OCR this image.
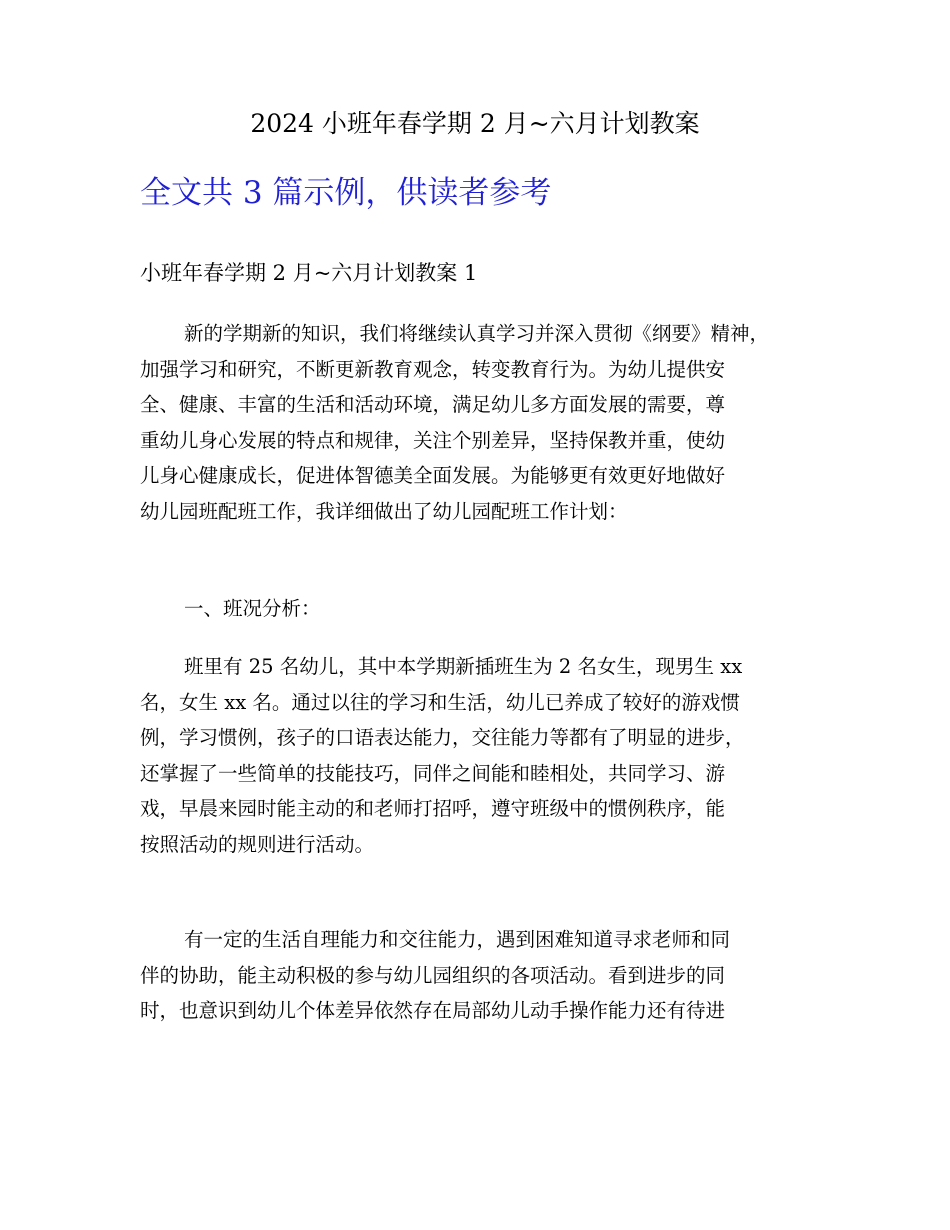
2024 小班年春学期 2 月~六月计划教案

全文共 3 篇示例，供读者参考

小班年春学期 2 月~六月计划教案 1
新的学期新的知识，我们将继续认真学习并深入贯彻《纲要》精神，
加强学习和研究，不断更新教育观念，转变教育行为。为幼儿提供安
全、健康、丰富的生活和活动环境，满足幼儿多方面发展的需要，尊
重幼儿身心发展的特点和规律，关注个别差异，坚持保教并重，使幼
儿身心健康成长，促进体智德美全面发展。为能够更有效更好地做好
幼儿园班配班工作，我详细做出了幼儿园配班工作计划：
一、班况分析：
班里有 25 名幼儿，其中本学期新插班生为 2 名女生，现男生 xx
名，女生 xx 名。通过以往的学习和生活，幼儿已养成了较好的游戏惯
例，学习惯例，孩子的口语表达能力，交往能力等都有了明显的进步，
还掌握了一些简单的技能技巧，同伴之间能和睦相处，共同学习、游
戏，早晨来园时能主动的和老师打招呼，遵守班级中的惯例秩序，能
按照活动的规则进行活动。
有一定的生活自理能力和交往能力，遇到困难知道寻求老师和同
伴的协助，能主动积极的参与幼儿园组织的各项活动。看到进步的同
时，也意识到幼儿个体差异依然存在局部幼儿动手操作能力还有待进
